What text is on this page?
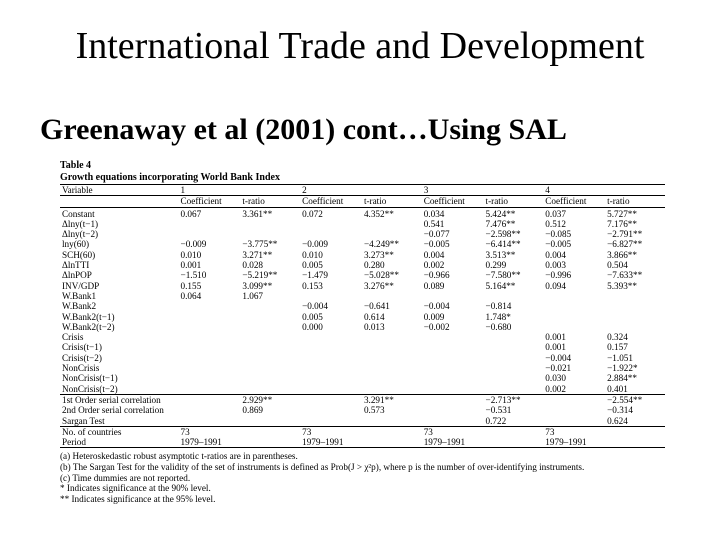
International Trade and Development
Greenaway et al (2001) cont…Using SAL
Table 4
Growth equations incorporating World Bank Index
Variable	1		2		3		4	
	Coefficient	t-ratio	Coefficient	t-ratio	Coefficient	t-ratio	Coefficient	t-ratio
Constant	0.067	3.361**	0.072	4.352**	0.034	5.424**	0.037	5.727**
Δlny(t−1)					0.541	7.476**	0.512	7.176**
Δlny(t−2)					−0.077	−2.598**	−0.085	−2.791**
lny(60)	−0.009	−3.775**	−0.009	−4.249**	−0.005	−6.414**	−0.005	−6.827**
SCH(60)	0.010	3.271**	0.010	3.273**	0.004	3.513**	0.004	3.866**
ΔlnTTI	0.001	0.028	0.005	0.280	0.002	0.299	0.003	0.504
ΔlnPOP	−1.510	−5.219**	−1.479	−5.028**	−0.966	−7.580**	−0.996	−7.633**
INV/GDP	0.155	3.099**	0.153	3.276**	0.089	5.164**	0.094	5.393**
W.Bank1	0.064	1.067						
W.Bank2			−0.004	−0.641	−0.004	−0.814		
W.Bank2(t−1)			0.005	0.614	0.009	1.748*		
W.Bank2(t−2)			0.000	0.013	−0.002	−0.680		
Crisis							0.001	0.324
Crisis(t−1)							0.001	0.157
Crisis(t−2)							−0.004	−1.051
NonCrisis							−0.021	−1.922*
NonCrisis(t−1)							0.030	2.884**
NonCrisis(t−2)							0.002	0.401
1st Order serial correlation		2.929**		3.291**		−2.713**		−2.554**
2nd Order serial correlation		0.869		0.573		−0.531		−0.314
Sargan Test						0.722		0.624
No. of countries	73		73		73		73	
Period	1979–1991		1979–1991		1979–1991		1979–1991	
(a) Heteroskedastic robust asymptotic t-ratios are in parentheses.
(b) The Sargan Test for the validity of the set of instruments is defined as Prob(J > χ²p), where p is the number of over-identifying instruments.
(c) Time dummies are not reported.
* Indicates significance at the 90% level.
** Indicates significance at the 95% level.
